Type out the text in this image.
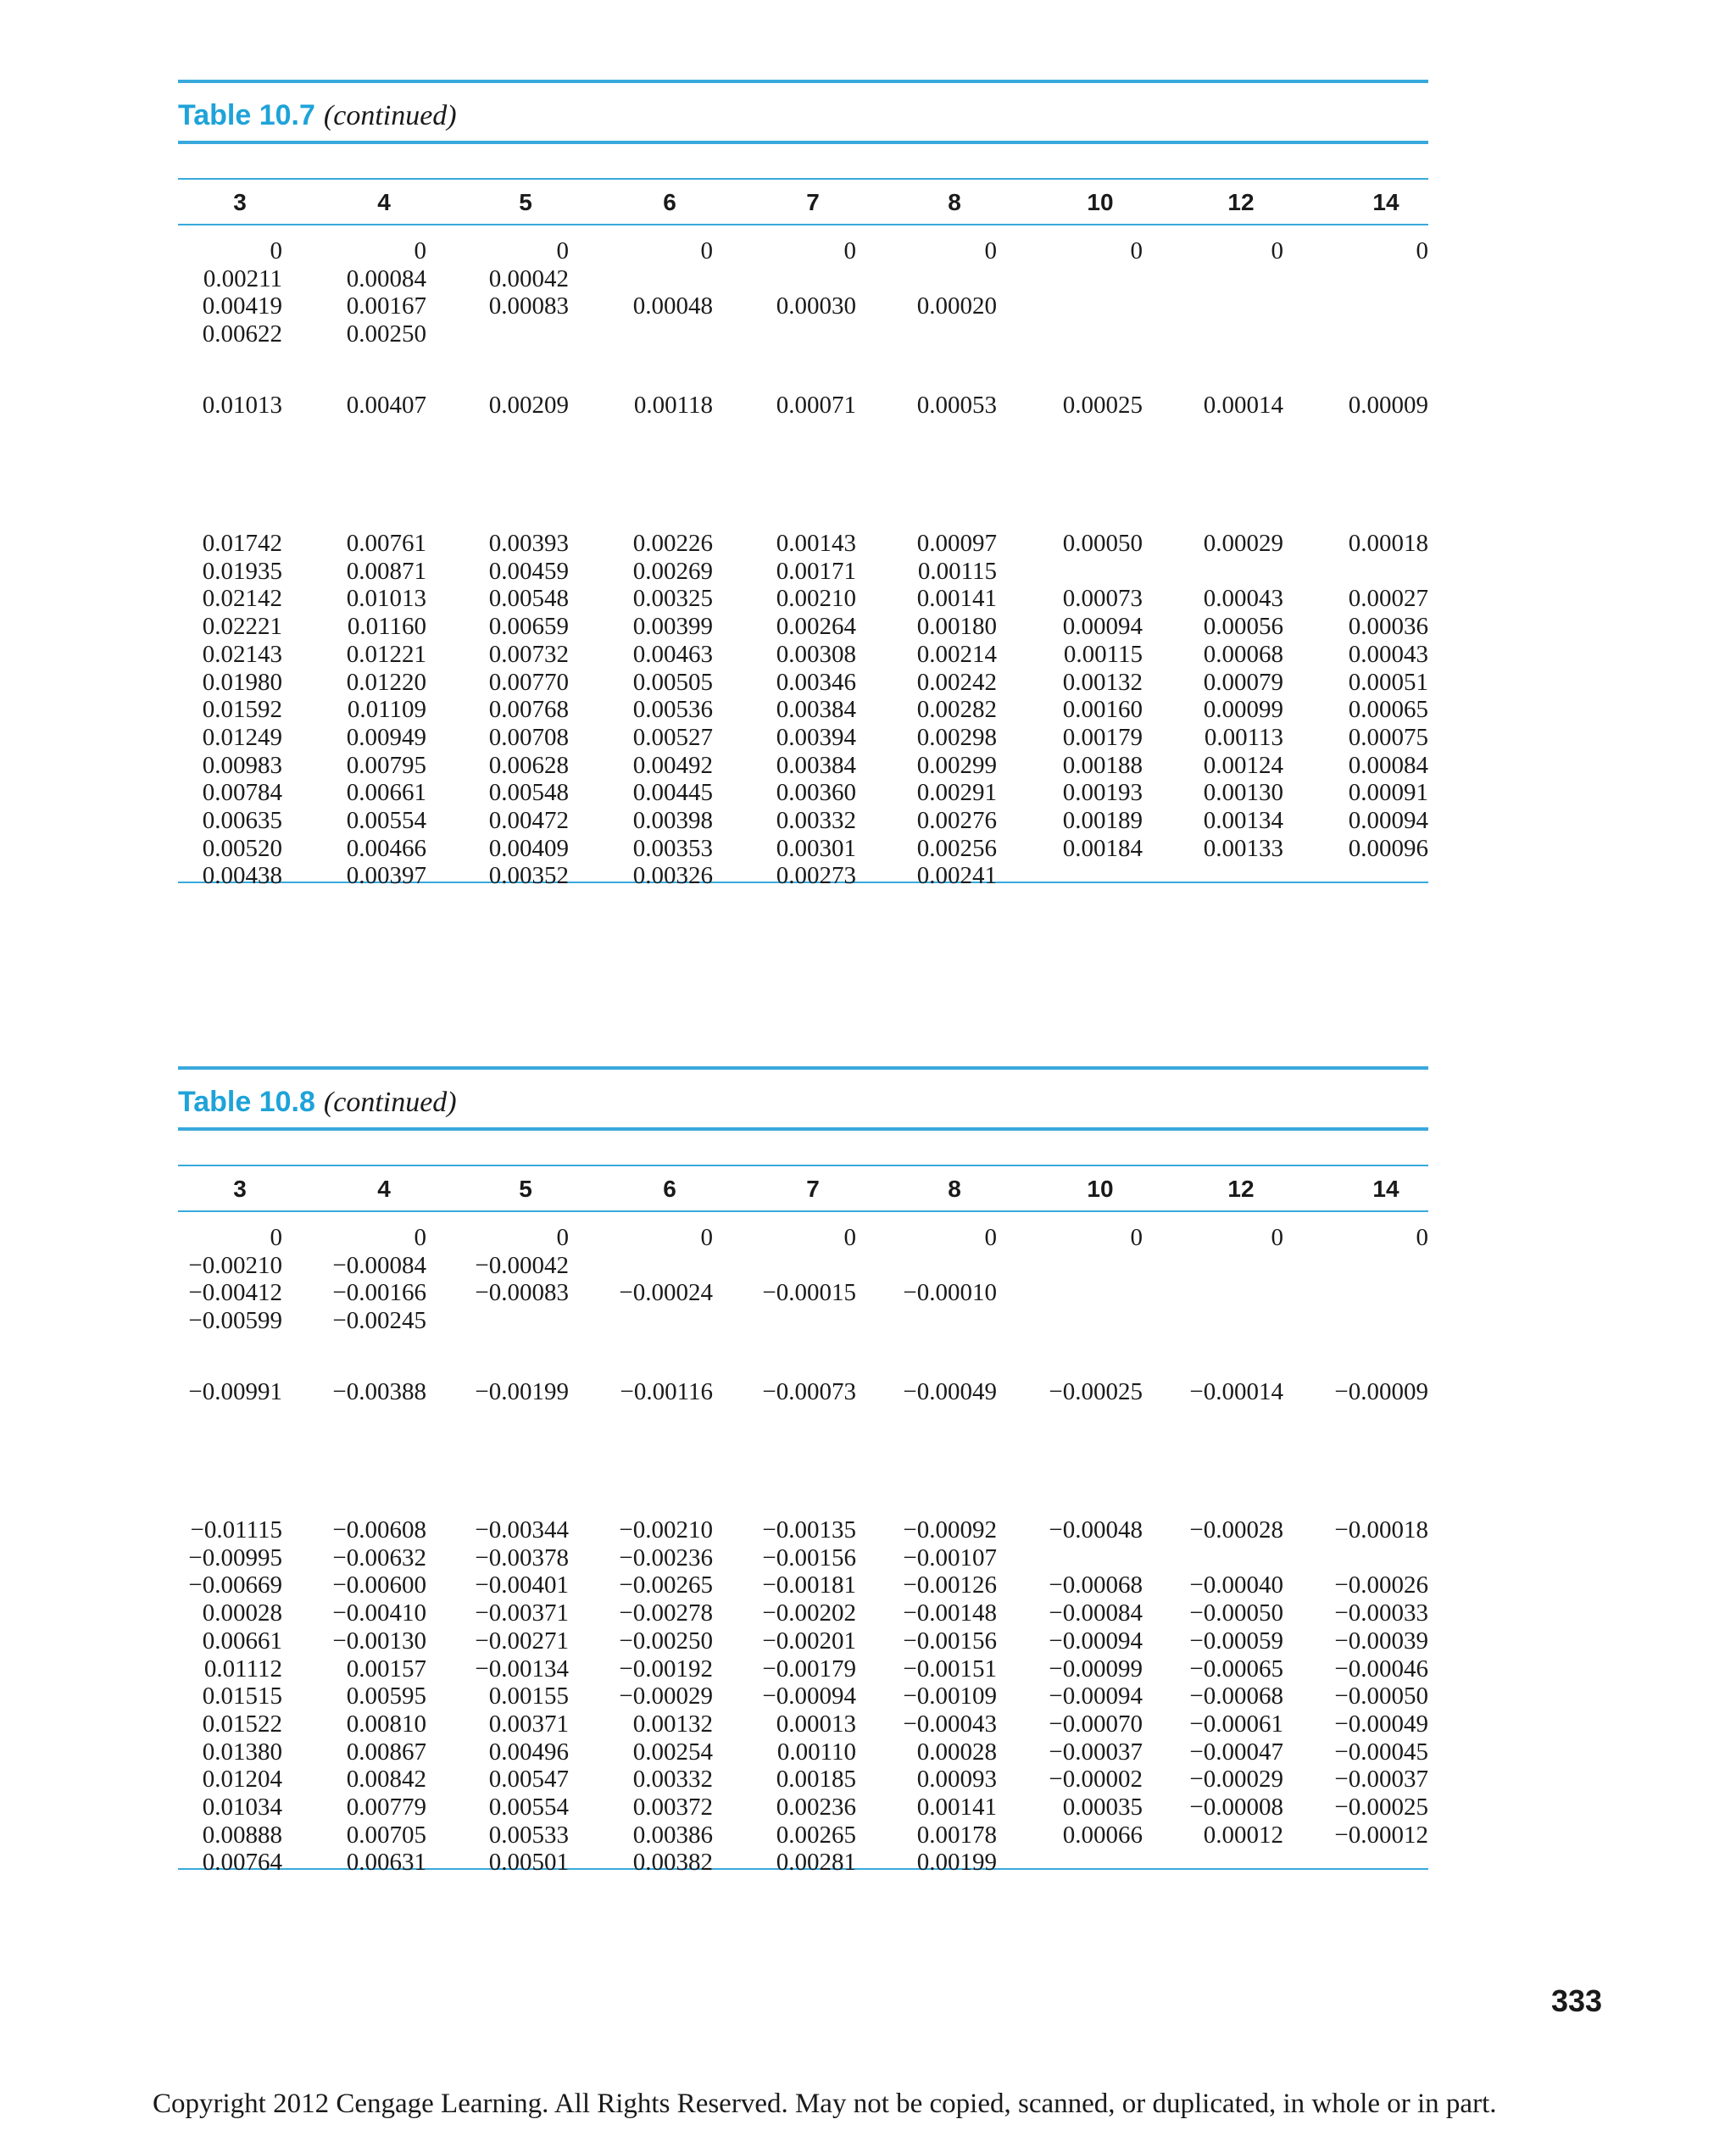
Table 10.7 (continued)
3	4	5	6	7	8	10	12	14
0	0	0	0	0	0	0	0	0
0.00211	0.00084	0.00042
0.00419	0.00167	0.00083	0.00048	0.00030 0.00020
0.00622	0.00250
0.01013	0.00407	0.00209	0.00118	0.00071 0.00053	0.00025 0.00014	0.00009
0.01742	0.00761	0.00393	0.00226	0.00143 0.00097	0.00050 0.00029	0.00018
0.01935	0.00871	0.00459	0.00269	0.00171	0.00115
0.02142	0.01013	0.00548	0.00325	0.00210 0.00141	0.00073 0.00043	0.00027
0.02221	0.01160	0.00659	0.00399	0.00264 0.00180	0.00094 0.00056	0.00036
0.02143	0.01221	0.00732	0.00463	0.00308 0.00214	0.00115 0.00068	0.00043
0.01980	0.01220	0.00770	0.00505	0.00346 0.00242	0.00132 0.00079	0.00051
0.01592	0.01109	0.00768	0.00536	0.00384 0.00282	0.00160 0.00099	0.00065
0.01249	0.00949	0.00708	0.00527	0.00394 0.00298	0.00179	0.00113	0.00075
0.00983	0.00795	0.00628	0.00492	0.00384 0.00299	0.00188 0.00124	0.00084
0.00784	0.00661	0.00548	0.00445	0.00360 0.00291	0.00193 0.00130	0.00091
0.00635	0.00554	0.00472	0.00398	0.00332 0.00276	0.00189 0.00134	0.00094
0.00520	0.00466	0.00409	0.00353	0.00301 0.00256	0.00184 0.00133	0.00096
0.00438	0.00397	0.00352	0.00326	0.00273 0.00241
Table 10.8 (continued)
3	4	5	6	7	8	10	12	14
0	0	0	0	0	0	0	0	0
−0.00210 −0.00084 −0.00042
−0.00412 −0.00166 −0.00083 −0.00024 −0.00015 −0.00010
−0.00599 −0.00245
−0.00991 −0.00388 −0.00199 −0.00116 −0.00073 −0.00049 −0.00025 −0.00014 −0.00009
−0.01115 −0.00608 −0.00344 −0.00210 −0.00135 −0.00092 −0.00048 −0.00028 −0.00018
−0.00995 −0.00632 −0.00378 −0.00236 −0.00156 −0.00107
−0.00669 −0.00600 −0.00401 −0.00265 −0.00181 −0.00126 −0.00068 −0.00040 −0.00026
0.00028 −0.00410 −0.00371 −0.00278 −0.00202 −0.00148 −0.00084 −0.00050 −0.00033
0.00661 −0.00130 −0.00271 −0.00250 −0.00201 −0.00156 −0.00094 −0.00059 −0.00039
0.01112	0.00157 −0.00134 −0.00192 −0.00179 −0.00151 −0.00099 −0.00065 −0.00046
0.01515	0.00595	0.00155 −0.00029 −0.00094 −0.00109 −0.00094 −0.00068 −0.00050
0.01522	0.00810	0.00371	0.00132	0.00013 −0.00043 −0.00070 −0.00061 −0.00049
0.01380	0.00867	0.00496	0.00254	0.00110 0.00028 −0.00037 −0.00047 −0.00045
0.01204	0.00842	0.00547	0.00332	0.00185 0.00093 −0.00002 −0.00029 −0.00037
0.01034	0.00779	0.00554	0.00372	0.00236 0.00141	0.00035 −0.00008 −0.00025
0.00888	0.00705	0.00533	0.00386	0.00265 0.00178	0.00066 0.00012 −0.00012
0.00764	0.00631	0.00501	0.00382	0.00281 0.00199
333
Copyright 2012 Cengage Learning. All Rights Reserved. May not be copied, scanned, or duplicated, in whole or in part.
